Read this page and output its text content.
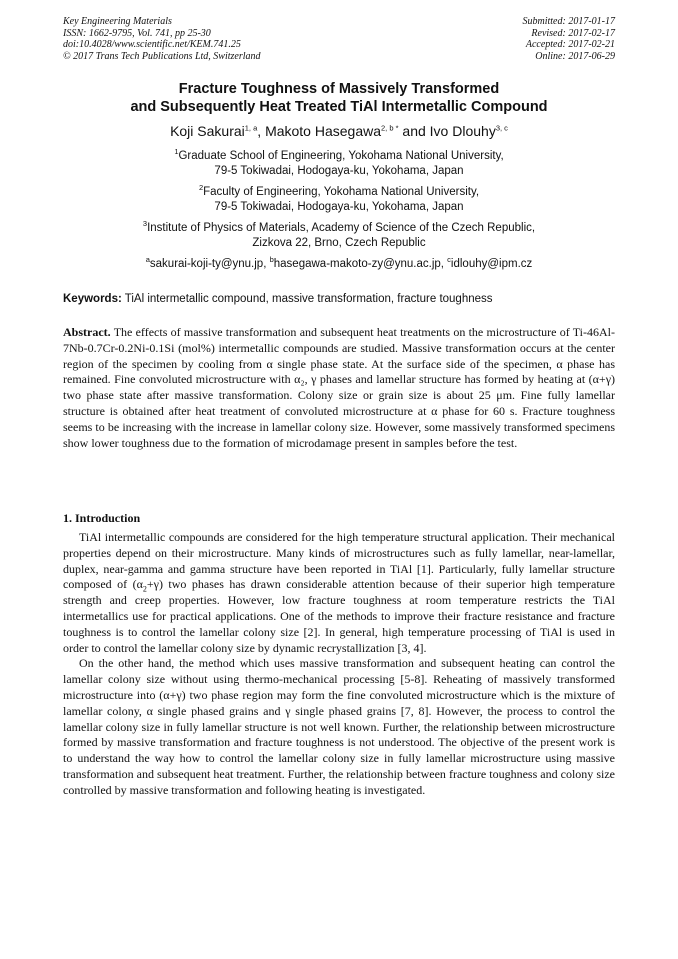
Key Engineering Materials
ISSN: 1662-9795, Vol. 741, pp 25-30
doi:10.4028/www.scientific.net/KEM.741.25
© 2017 Trans Tech Publications Ltd, Switzerland
Submitted: 2017-01-17
Revised: 2017-02-17
Accepted: 2017-02-21
Online: 2017-06-29
Fracture Toughness of Massively Transformed
and Subsequently Heat Treated TiAl Intermetallic Compound
Koji Sakurai$^{1, a}$, Makoto Hasegawa$^{2, b *}$ and Ivo Dlouhy$^{3, c}$
$^1$Graduate School of Engineering, Yokohama National University,
79-5 Tokiwadai, Hodogaya-ku, Yokohama, Japan
$^2$Faculty of Engineering, Yokohama National University,
79-5 Tokiwadai, Hodogaya-ku, Yokohama, Japan
$^3$Institute of Physics of Materials, Academy of Science of the Czech Republic,
Zizkova 22, Brno, Czech Republic
$^a$sakurai-koji-ty@ynu.jp, $^b$hasegawa-makoto-zy@ynu.ac.jp, $^c$idlouhy@ipm.cz
Keywords: TiAl intermetallic compound, massive transformation, fracture toughness

Abstract. The effects of massive transformation and subsequent heat treatments on the microstructure of Ti-46Al-7Nb-0.7Cr-0.2Ni-0.1Si (mol%) intermetallic compounds are studied. Massive transformation occurs at the center region of the specimen by cooling from α single phase state. At the surface side of the specimen, α phase has remained. Fine convoluted microstructure with α₂, γ phases and lamellar structure has formed by heating at (α+γ) two phase state after massive transformation. Colony size or grain size is about 25 μm. Fine fully lamellar structure is obtained after heat treatment of convoluted microstructure at α phase for 60 s. Fracture toughness seems to be increasing with the increase in lamellar colony size. However, some massively transformed specimens show lower toughness due to the formation of microdamage present in samples before the test.

1. Introduction

TiAl intermetallic compounds are considered for the high temperature structural application. Their mechanical properties depend on their microstructure. Many kinds of microstructures such as fully lamellar, near-lamellar, duplex, near-gamma and gamma structure have been reported in TiAl [1]. Particularly, fully lamellar structure composed of $(\alpha_2+\gamma)$ two phases has drawn considerable attention because of their superior high temperature strength and creep properties. However, low fracture toughness at room temperature restricts the TiAl intermetallics use for practical applications. One of the methods to improve their fracture resistance and fracture toughness is to control the lamellar colony size [2]. In general, high temperature processing of TiAl is used in order to control the lamellar colony size by dynamic recrystallization [3, 4].

On the other hand, the method which uses massive transformation and subsequent heating can control the lamellar colony size without using thermo-mechanical processing [5-8]. Reheating of massively transformed microstructure into (α+γ) two phase region may form the fine convoluted microstructure which is the mixture of lamellar colony, α single phased grains and γ single phased grains [7, 8]. However, the process to control the lamellar colony size in fully lamellar structure is not well known. Further, the relationship between microstructure formed by massive transformation and fracture toughness is not understood. The objective of the present work is to understand the way how to control the lamellar colony size in fully lamellar microstructure using massive transformation and subsequent heat treatment. Further, the relationship between fracture toughness and colony size controlled by massive transformation and following heating is investigated.
